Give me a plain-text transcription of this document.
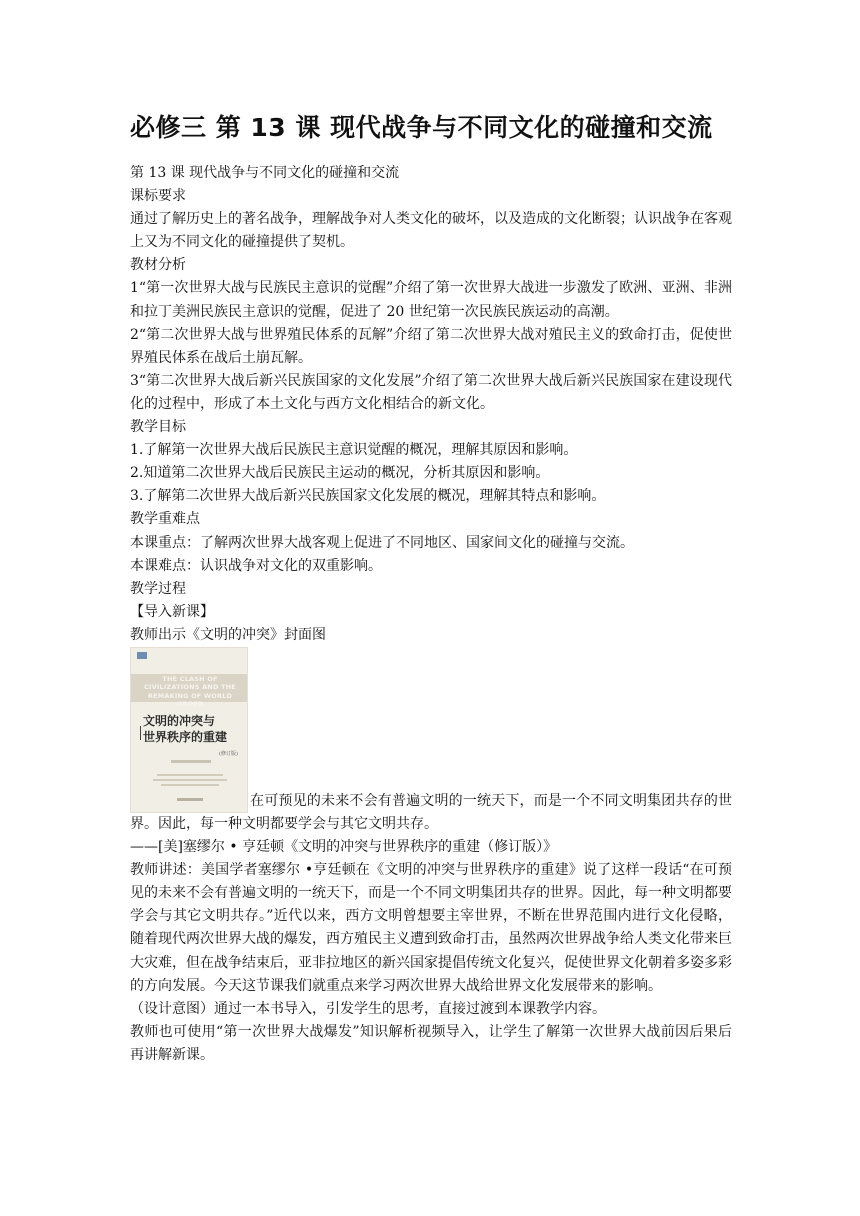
必修三 第 13 课 现代战争与不同文化的碰撞和交流

第 13 课 现代战争与不同文化的碰撞和交流

课标要求

通过了解历史上的著名战争，理解战争对人类文化的破坏，以及造成的文化断裂；认识战争在客观上又为不同文化的碰撞提供了契机。

教材分析

1“第一次世界大战与民族民主意识的觉醒”介绍了第一次世界大战进一步激发了欧洲、亚洲、非洲和拉丁美洲民族民主意识的觉醒，促进了 20 世纪第一次民族民族运动的高潮。

2“第二次世界大战与世界殖民体系的瓦解”介绍了第二次世界大战对殖民主义的致命打击，促使世界殖民体系在战后土崩瓦解。

3“第二次世界大战后新兴民族国家的文化发展”介绍了第二次世界大战后新兴民族国家在建设现代化的过程中，形成了本土文化与西方文化相结合的新文化。

教学目标

1.了解第一次世界大战后民族民主意识觉醒的概况，理解其原因和影响。

2.知道第二次世界大战后民族民主运动的概况，分析其原因和影响。

3.了解第二次世界大战后新兴民族国家文化发展的概况，理解其特点和影响。

教学重难点

本课重点：了解两次世界大战客观上促进了不同地区、国家间文化的碰撞与交流。

本课难点：认识战争对文化的双重影响。

教学过程

【导入新课】

教师出示《文明的冲突》封面图

THE CLASH OF CIVILIZATIONS AND THE REMAKING OF WORLD ORDER
文明的冲突与
世界秩序的重建
(修订版)
在可预见的未来不会有普遍文明的一统天下，而是一个不同文明集团共存的世界。因此，每一种文明都要学会与其它文明共存。

——[美]塞缪尔 • 亨廷顿《文明的冲突与世界秩序的重建（修订版）》

教师讲述：美国学者塞缪尔 •亨廷顿在《文明的冲突与世界秩序的重建》说了这样一段话“在可预见的未来不会有普遍文明的一统天下，而是一个不同文明集团共存的世界。因此，每一种文明都要学会与其它文明共存。”近代以来，西方文明曾想要主宰世界，不断在世界范围内进行文化侵略，随着现代两次世界大战的爆发，西方殖民主义遭到致命打击，虽然两次世界战争给人类文化带来巨大灾难，但在战争结束后，亚非拉地区的新兴国家提倡传统文化复兴，促使世界文化朝着多姿多彩的方向发展。今天这节课我们就重点来学习两次世界大战给世界文化发展带来的影响。

（设计意图）通过一本书导入，引发学生的思考，直接过渡到本课教学内容。

教师也可使用“第一次世界大战爆发”知识解析视频导入，让学生了解第一次世界大战前因后果后再讲解新课。
